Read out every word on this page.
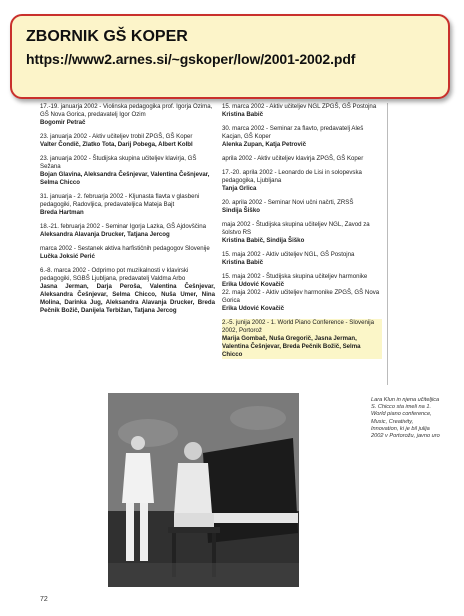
ZBORNIK GŠ KOPER
https://www2.arnes.si/~gskoper/low/2001-2002.pdf
17.-19. januarja 2002 - Violinska pedagogika prof. Igorja Ozima, GŠ Nova Gorica, predavatelj Igor Ozim
Bogomir Petrač
23. januarja 2002 - Aktiv učiteljev trobil ZPGŠ, GŠ Koper
Valter Čondič, Zlatko Tota, Darij Pobega, Albert Kolbl
23. januarja 2002 - Študijska skupina učiteljev klavirja, GŠ Sežana
Bojan Glavina, Aleksandra Češnjevar, Valentina Češnjevar, Selma Chicco
31. januarja - 2. februarja 2002 - Kljunasta flavta v glasbeni pedagogiki, Radovljica, predavateljica Mateja Bajt
Breda Hartman
18.-21. februarja 2002 - Seminar Igorja Lazka, GŠ Ajdovščina
Aleksandra Alavanja Drucker, Tatjana Jercog
marca 2002 - Sestanek aktiva harfističnih pedagogov Slovenije
Lučka Joksić Perić
6.-8. marca 2002 - Odprimo pot muzikalnosti v klavirski pedagogiki, SGBŠ Ljubljana, predavatelj Valdma Arbo
Jasna Jerman, Darja Peroša, Valentina Češnjevar, Aleksandra Češnjevar, Selma Chicco, Nuša Umer, Nina Molina, Darinka Jug, Aleksandra Alavanja Drucker, Breda Pečnik Božič, Danijela Terbižan, Tatjana Jercog
15. marca 2002 - Aktiv učiteljev NGL ZPGŠ, GŠ Postojna
Kristina Babič
30. marca 2002 - Seminar za flavto, predavatelj Aleš Kacjan, GŠ Koper
Alenka Zupan, Katja Petrovič
aprila 2002 - Aktiv učiteljev klavirja ZPGŠ, GŠ Koper
17.-20. aprila 2002 - Leonardo de Lisi in solopevska pedagogika, Ljubljana
Tanja Grlica
20. aprila 2002 - Seminar Novi učni načrti, ZRSŠ
Sindija Šiško
maja 2002 - Študijska skupina učiteljev NGL, Zavod za šolstvo RS
Kristina Babič, Sindija Šiško
15. maja 2002 - Aktiv učiteljev NGL, GŠ Postojna
Kristina Babič
15. maja 2002 - Študijska skupina učiteljev harmonike
Erika Udović Kovačič
22. maja 2002 - Aktiv učiteljev harmonike ZPGŠ, GŠ Nova Gorica
Erika Udović Kovačič
2.-5. junija 2002 - 1. World Piano Conference - Slovenija 2002, Portorož
Marija Gombač, Nuša Gregorič, Jasna Jerman, Valentina Češnjevar, Breda Pečnik Božič, Selma Chicco
Lara Klun in njena učiteljica S. Chicco sta imeli na 1. World piano conference, Music, Creativity, Innovation, ki je bil julija 2002 v Portorožu, javno uro
72
